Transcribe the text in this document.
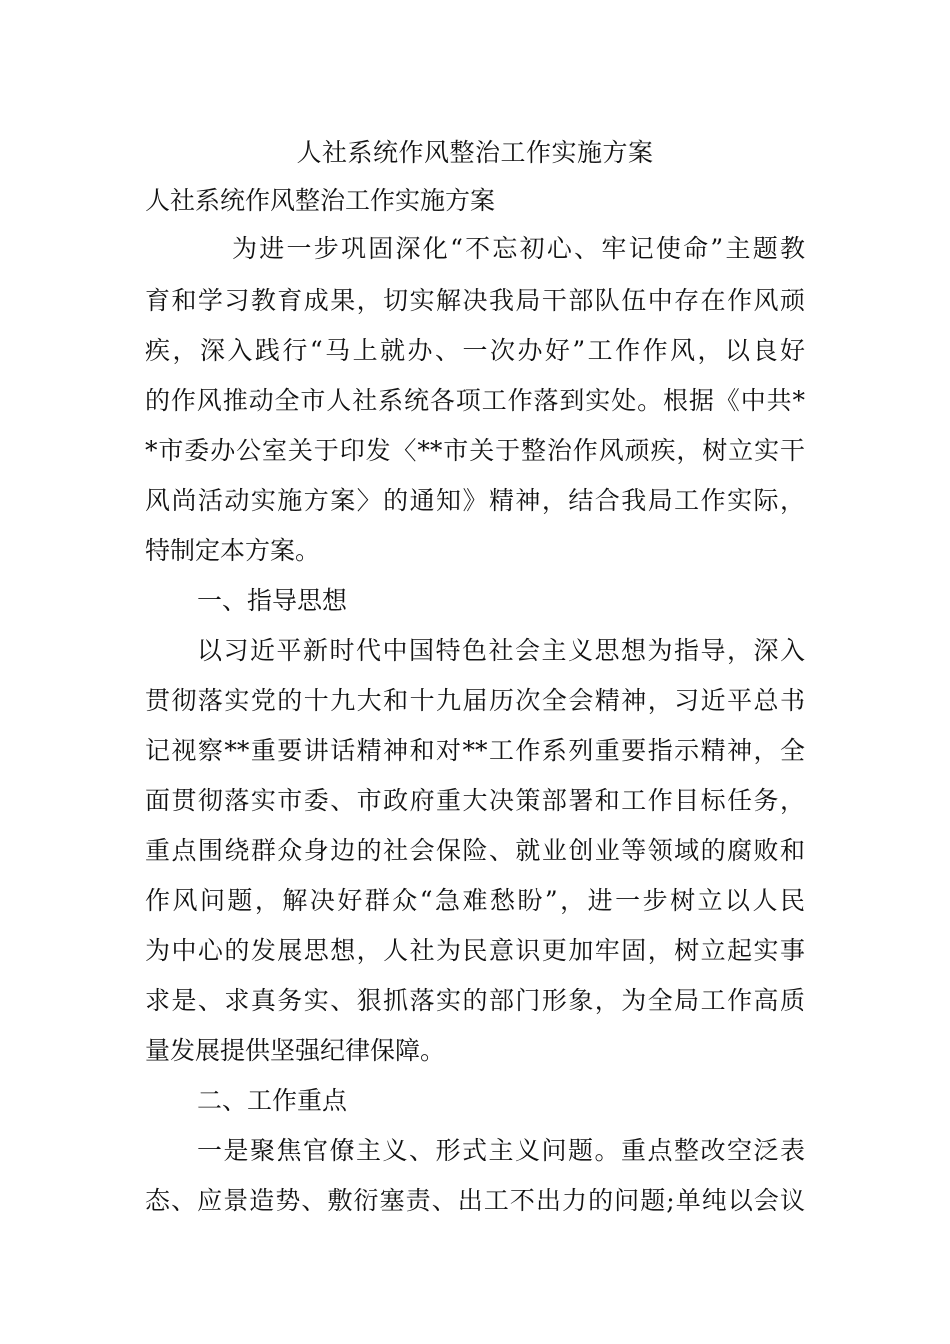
人社系统作风整治工作实施方案
人社系统作风整治工作实施方案
为进一步巩固深化“不忘初心、牢记使命”主题教
育和学习教育成果，切实解决我局干部队伍中存在作风顽
疾，深入践行“马上就办、一次办好”工作作风，以良好
的作风推动全市人社系统各项工作落到实处。根据《中共*
*市委办公室关于印发〈**市关于整治作风顽疾，树立实干
风尚活动实施方案〉的通知》精神，结合我局工作实际，
特制定本方案。
一、指导思想
以习近平新时代中国特色社会主义思想为指导，深入
贯彻落实党的十九大和十九届历次全会精神，习近平总书
记视察**重要讲话精神和对**工作系列重要指示精神，全
面贯彻落实市委、市政府重大决策部署和工作目标任务，
重点围绕群众身边的社会保险、就业创业等领域的腐败和
作风问题，解决好群众“急难愁盼”，进一步树立以人民
为中心的发展思想，人社为民意识更加牢固，树立起实事
求是、求真务实、狠抓落实的部门形象，为全局工作高质
量发展提供坚强纪律保障。
二、工作重点
一是聚焦官僚主义、形式主义问题。重点整改空泛表
态、应景造势、敷衍塞责、出工不出力的问题;单纯以会议
